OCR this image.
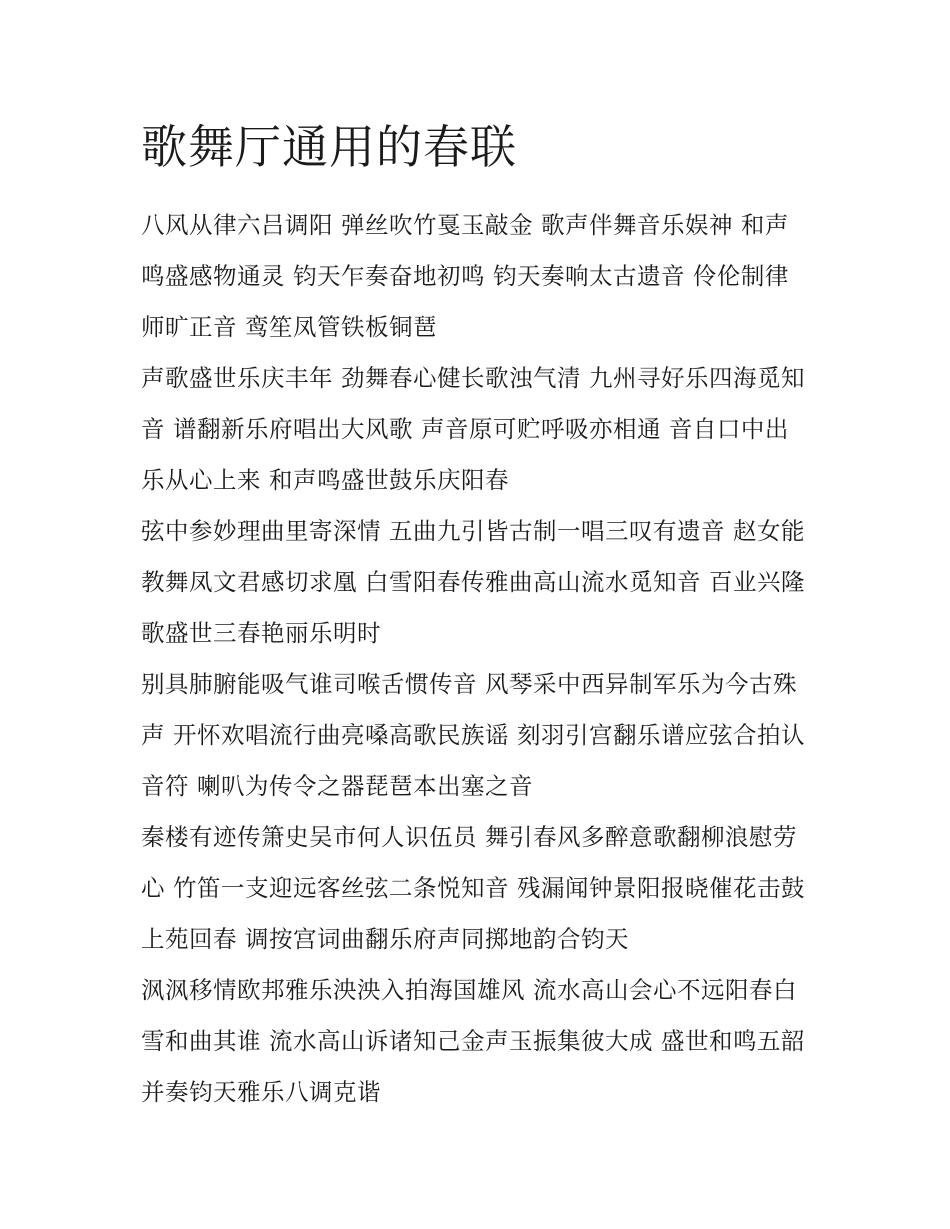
歌舞厅通用的春联

八风从律六吕调阳 弹丝吹竹戛玉敲金 歌声伴舞音乐娱神 和声鸣盛感物通灵 钧天乍奏奋地初鸣 钧天奏响太古遗音 伶伦制律师旷正音 鸾笙凤管铁板铜琶

声歌盛世乐庆丰年 劲舞春心健长歌浊气清 九州寻好乐四海觅知音 谱翻新乐府唱出大风歌 声音原可贮呼吸亦相通 音自口中出乐从心上来 和声鸣盛世鼓乐庆阳春

弦中参妙理曲里寄深情 五曲九引皆古制一唱三叹有遗音 赵女能教舞凤文君感切求凰 白雪阳春传雅曲高山流水觅知音 百业兴隆歌盛世三春艳丽乐明时

别具肺腑能吸气谁司喉舌惯传音 风琴采中西异制军乐为今古殊声 开怀欢唱流行曲亮嗓高歌民族谣 刻羽引宫翻乐谱应弦合拍认音符 喇叭为传令之器琵琶本出塞之音

秦楼有迹传箫史吴市何人识伍员 舞引春风多醉意歌翻柳浪慰劳心 竹笛一支迎远客丝弦二条悦知音 残漏闻钟景阳报晓催花击鼓上苑回春 调按宫词曲翻乐府声同掷地韵合钧天

沨沨移情欧邦雅乐泱泱入拍海国雄风 流水高山会心不远阳春白雪和曲其谁 流水高山诉诸知己金声玉振集彼大成 盛世和鸣五韶并奏钧天雅乐八调克谐
